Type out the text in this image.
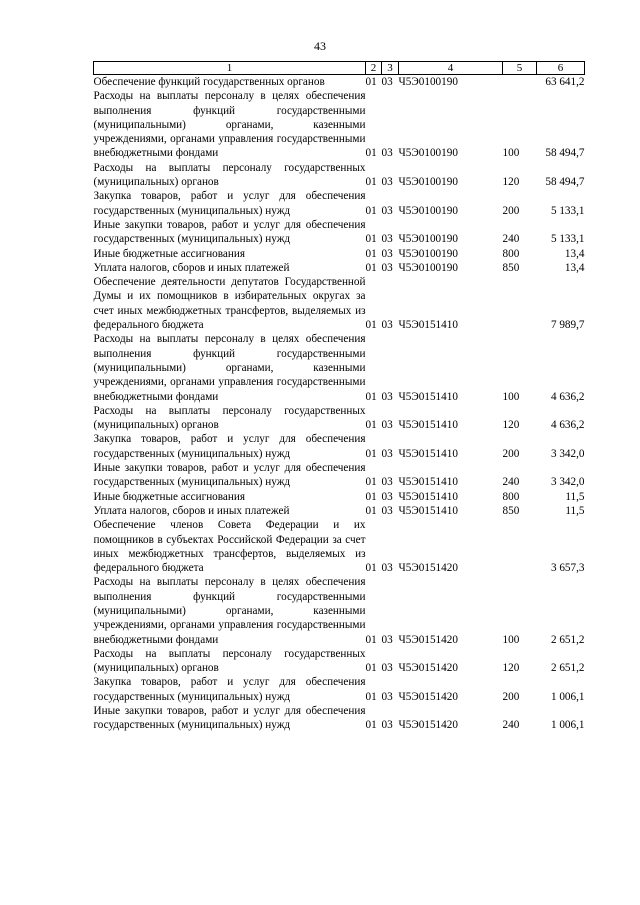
43
1	2	3	4	5	6
Обеспечение функций государственных органов	01	03	Ч5Э0100190		63 641,2
Расходы на выплаты персоналу в целях обеспечения выполнения функций государственными (муниципальными) органами, казенными учреждениями, органами управления государственными внебюджетными фондами	01	03	Ч5Э0100190	100	58 494,7
Расходы на выплаты персоналу государственных (муниципальных) органов	01	03	Ч5Э0100190	120	58 494,7
Закупка товаров, работ и услуг для обеспечения государственных (муниципальных) нужд	01	03	Ч5Э0100190	200	5 133,1
Иные закупки товаров, работ и услуг для обеспечения государственных (муниципальных) нужд	01	03	Ч5Э0100190	240	5 133,1
Иные бюджетные ассигнования	01	03	Ч5Э0100190	800	13,4
Уплата налогов, сборов и иных платежей	01	03	Ч5Э0100190	850	13,4
Обеспечение деятельности депутатов Государственной Думы и их помощников в избирательных округах за счет иных межбюджетных трансфертов, выделяемых из федерального бюджета	01	03	Ч5Э0151410		7 989,7
Расходы на выплаты персоналу в целях обеспечения выполнения функций государственными (муниципальными) органами, казенными учреждениями, органами управления государственными внебюджетными фондами	01	03	Ч5Э0151410	100	4 636,2
Расходы на выплаты персоналу государственных (муниципальных) органов	01	03	Ч5Э0151410	120	4 636,2
Закупка товаров, работ и услуг для обеспечения государственных (муниципальных) нужд	01	03	Ч5Э0151410	200	3 342,0
Иные закупки товаров, работ и услуг для обеспечения государственных (муниципальных) нужд	01	03	Ч5Э0151410	240	3 342,0
Иные бюджетные ассигнования	01	03	Ч5Э0151410	800	11,5
Уплата налогов, сборов и иных платежей	01	03	Ч5Э0151410	850	11,5
Обеспечение членов Совета Федерации и их помощников в субъектах Российской Федерации за счет иных межбюджетных трансфертов, выделяемых из федерального бюджета	01	03	Ч5Э0151420		3 657,3
Расходы на выплаты персоналу в целях обеспечения выполнения функций государственными (муниципальными) органами, казенными учреждениями, органами управления государственными внебюджетными фондами	01	03	Ч5Э0151420	100	2 651,2
Расходы на выплаты персоналу государственных (муниципальных) органов	01	03	Ч5Э0151420	120	2 651,2
Закупка товаров, работ и услуг для обеспечения государственных (муниципальных) нужд	01	03	Ч5Э0151420	200	1 006,1
Иные закупки товаров, работ и услуг для обеспечения государственных (муниципальных) нужд	01	03	Ч5Э0151420	240	1 006,1
